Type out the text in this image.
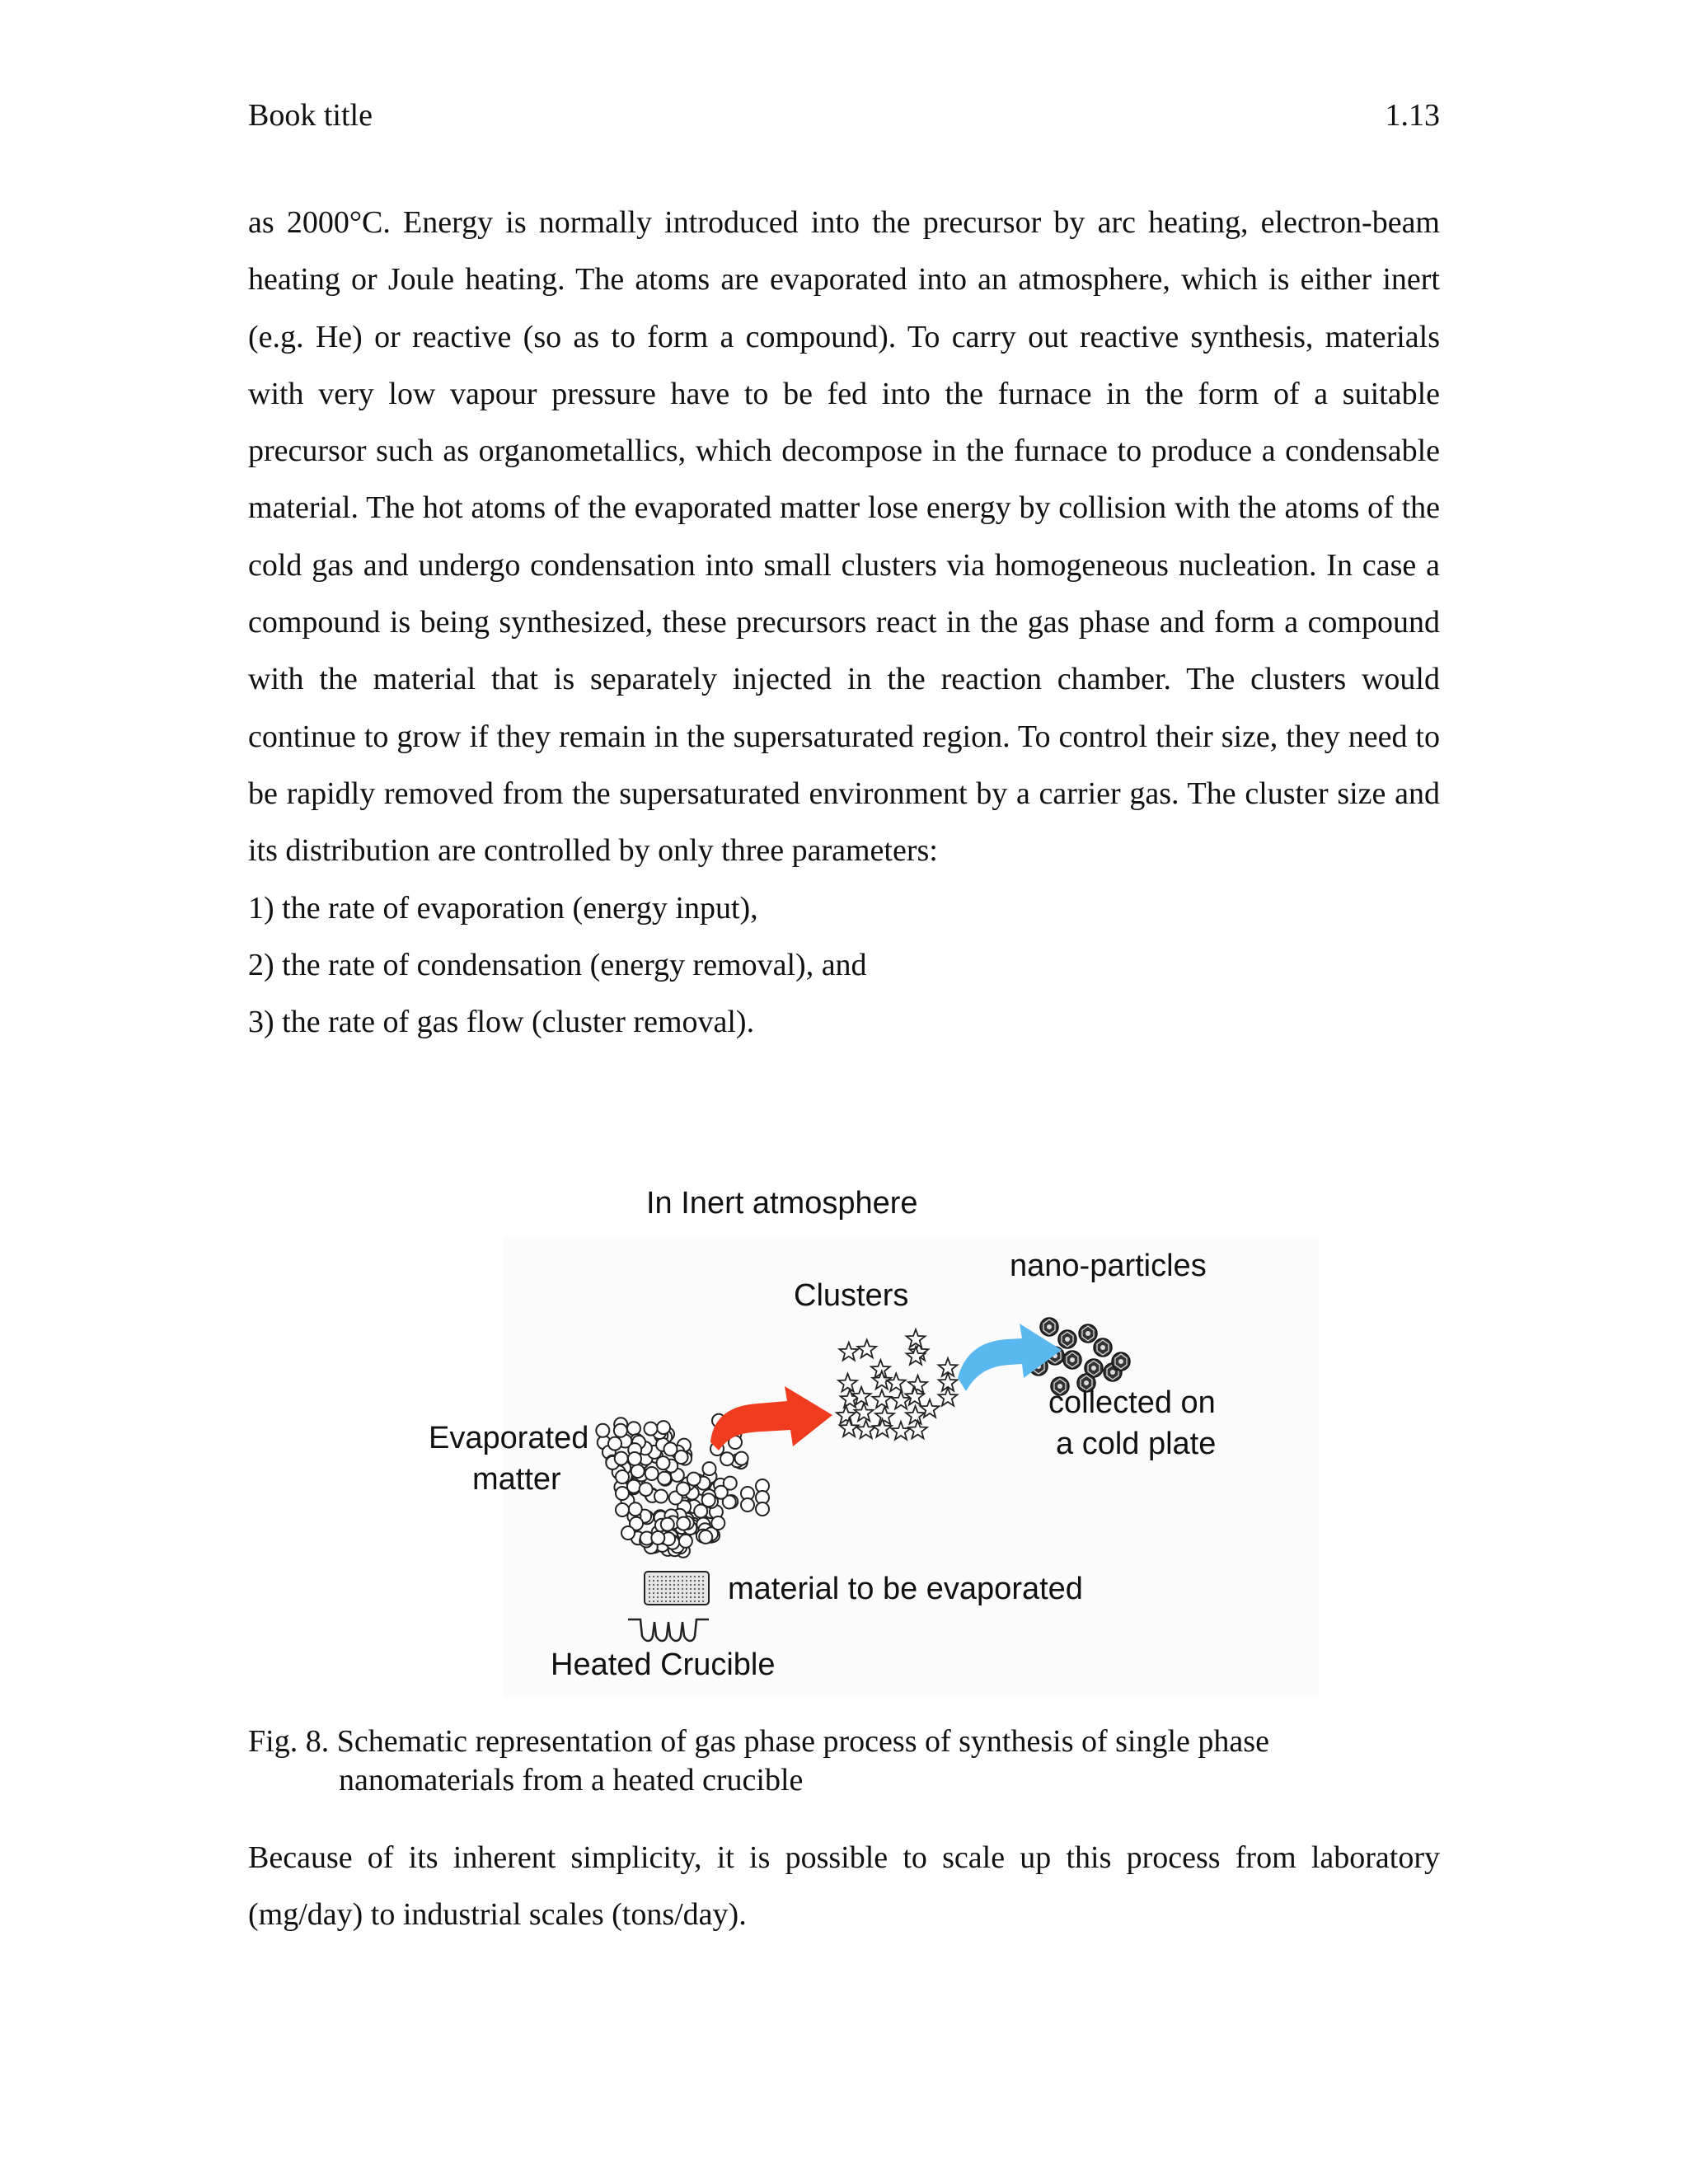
Book title	1.13

as 2000°C. Energy is normally introduced into the precursor by arc heating, electron-beam heating or Joule heating. The atoms are evaporated into an atmosphere, which is either inert (e.g. He) or reactive (so as to form a compound). To carry out reactive synthesis, materials with very low vapour pressure have to be fed into the furnace in the form of a suitable precursor such as organometallics, which decompose in the furnace to produce a condensable material. The hot atoms of the evaporated matter lose energy by collision with the atoms of the cold gas and undergo condensation into small clusters via homogeneous nucleation. In case a compound is being synthesized, these precursors react in the gas phase and form a compound with the material that is separately injected in the reaction chamber. The clusters would continue to grow if they remain in the supersaturated region. To control their size, they need to be rapidly removed from the supersaturated environment by a carrier gas. The cluster size and its distribution are controlled by only three parameters:

1) the rate of evaporation (energy input),

2) the rate of condensation (energy removal), and

3) the rate of gas flow (cluster removal).

In Inert atmosphere
Evaporated
matter
Clusters
nano-particles
collected on
a cold plate
material to be evaporated
Heated Crucible
Fig. 8. Schematic representation of gas phase process of synthesis of single phase
nanomaterials from a heated crucible

Because of its inherent simplicity, it is possible to scale up this process from laboratory (mg/day) to industrial scales (tons/day).
